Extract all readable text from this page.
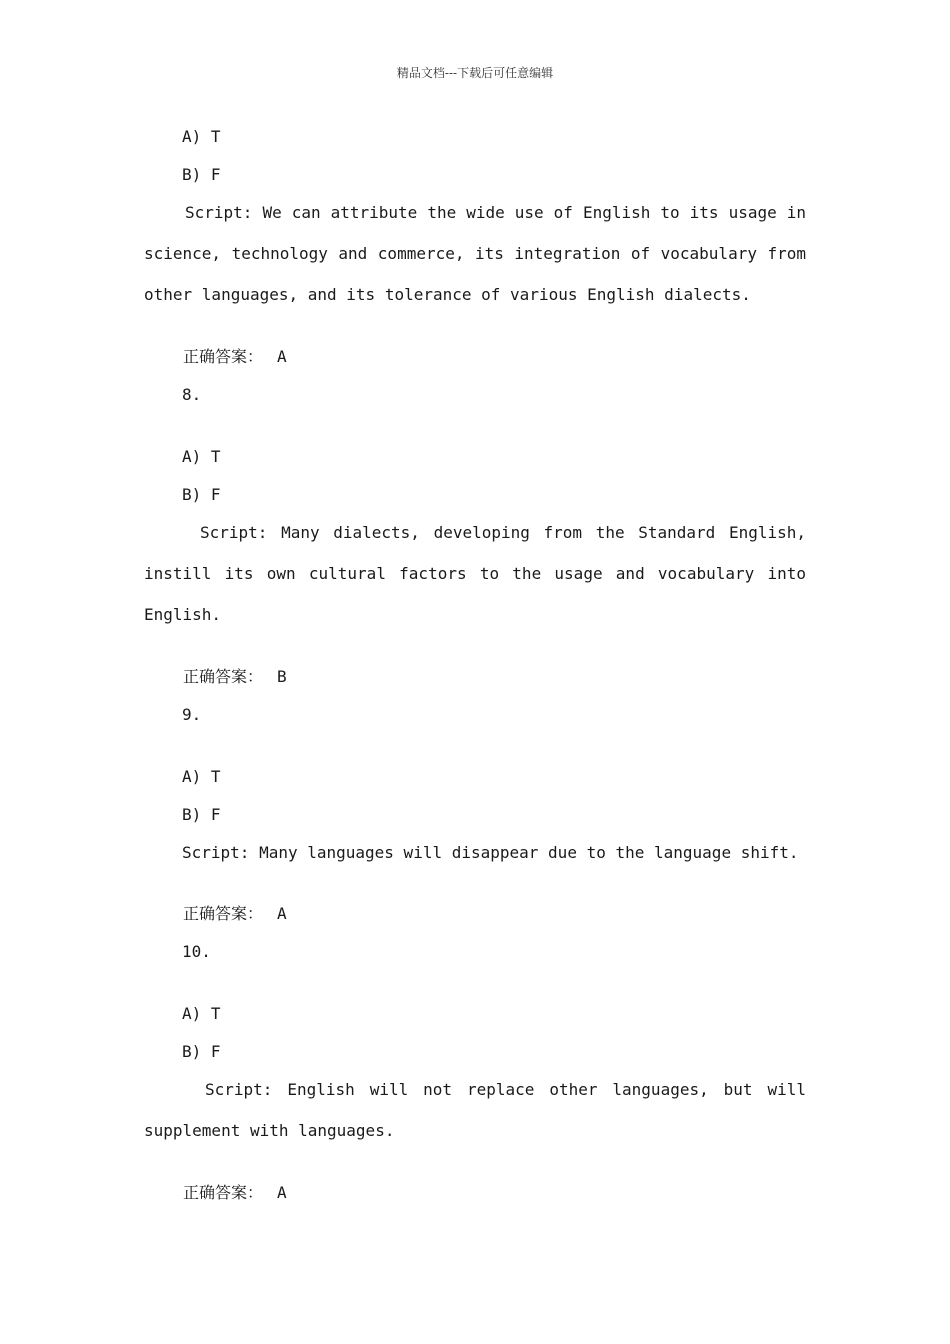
精品文档---下载后可任意编辑
A) T
B) F
Script: We can attribute the wide use of English to its usage in science, technology and commerce, its integration of vocabulary from other languages, and its tolerance of various English dialects.
正确答案： A
8.
A) T
B) F
Script: Many dialects, developing from the Standard English, instill its own cultural factors to the usage and vocabulary into English.
正确答案： B
9.
A) T
B) F
Script: Many languages will disappear due to the language shift.
正确答案： A
10.
A) T
B) F
Script: English will not replace other languages, but will supplement with languages.
正确答案： A
